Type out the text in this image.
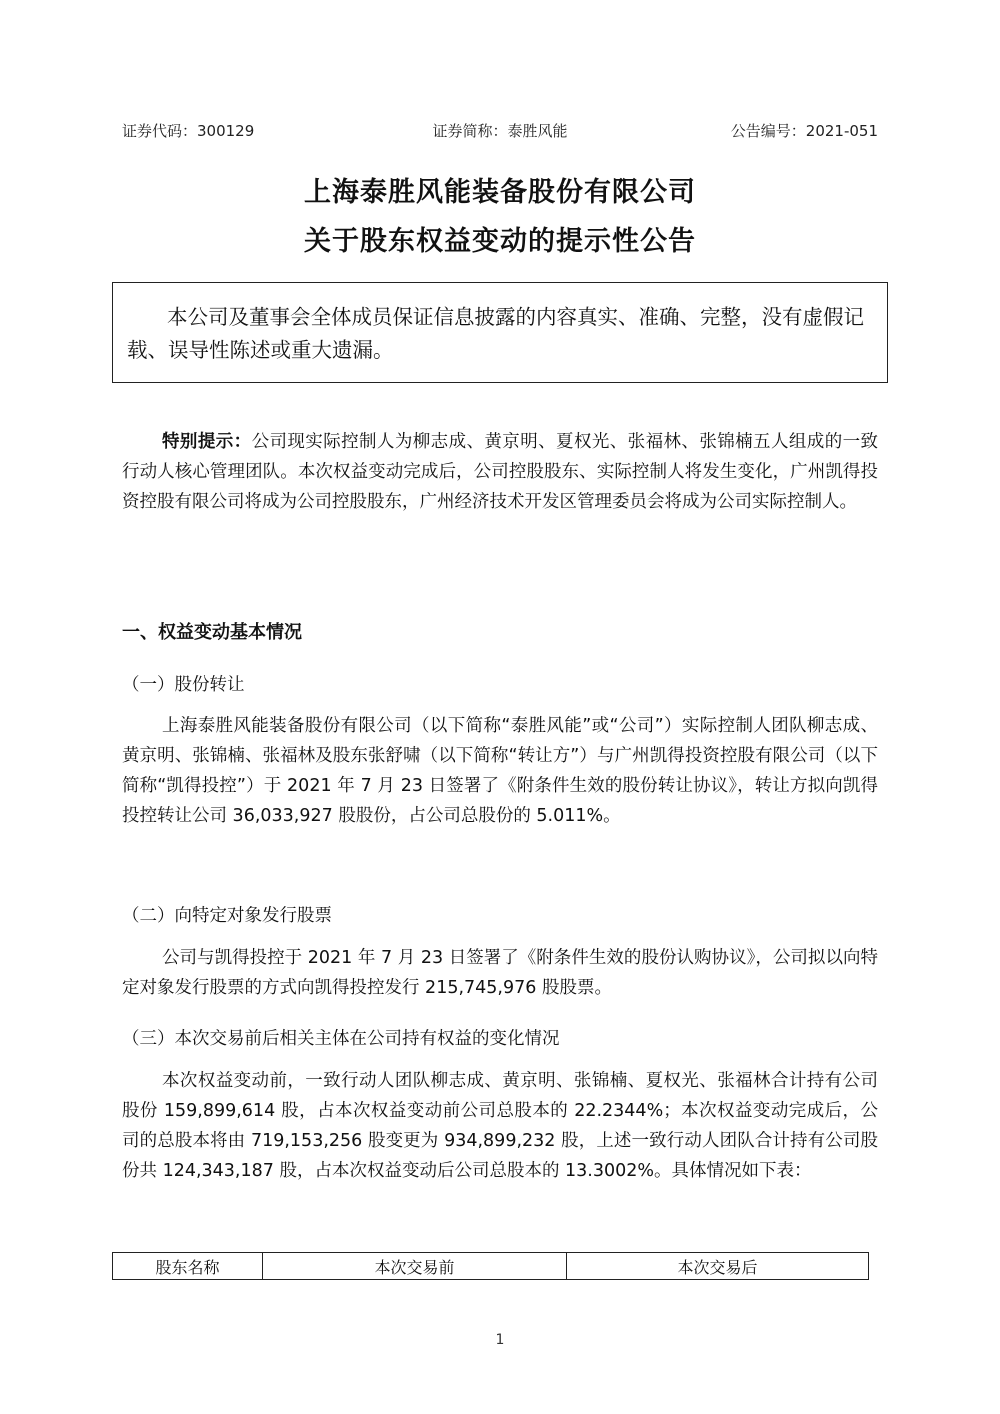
证券代码：300129	证券简称：泰胜风能	公告编号：2021-051
上海泰胜风能装备股份有限公司
关于股东权益变动的提示性公告

本公司及董事会全体成员保证信息披露的内容真实、准确、完整，没有虚假记载、误导性陈述或重大遗漏。

特别提示：公司现实际控制人为柳志成、黄京明、夏权光、张福林、张锦楠五人组成的一致行动人核心管理团队。本次权益变动完成后，公司控股股东、实际控制人将发生变化，广州凯得投资控股有限公司将成为公司控股股东，广州经济技术开发区管理委员会将成为公司实际控制人。

一、权益变动基本情况
（一）股份转让

上海泰胜风能装备股份有限公司（以下简称“泰胜风能”或“公司”）实际控制人团队柳志成、黄京明、张锦楠、张福林及股东张舒啸（以下简称“转让方”）与广州凯得投资控股有限公司（以下简称“凯得投控”）于 2021 年 7 月 23 日签署了《附条件生效的股份转让协议》，转让方拟向凯得投控转让公司 36,033,927 股股份，占公司总股份的 5.011%。

（二）向特定对象发行股票

公司与凯得投控于 2021 年 7 月 23 日签署了《附条件生效的股份认购协议》，公司拟以向特定对象发行股票的方式向凯得投控发行 215,745,976 股股票。

（三）本次交易前后相关主体在公司持有权益的变化情况

本次权益变动前，一致行动人团队柳志成、黄京明、张锦楠、夏权光、张福林合计持有公司股份 159,899,614 股，占本次权益变动前公司总股本的 22.2344%；本次权益变动完成后，公司的总股本将由 719,153,256 股变更为 934,899,232 股，上述一致行动人团队合计持有公司股份共 124,343,187 股，占本次权益变动后公司总股本的 13.3002%。具体情况如下表：

股东名称	本次交易前	本次交易后
1
